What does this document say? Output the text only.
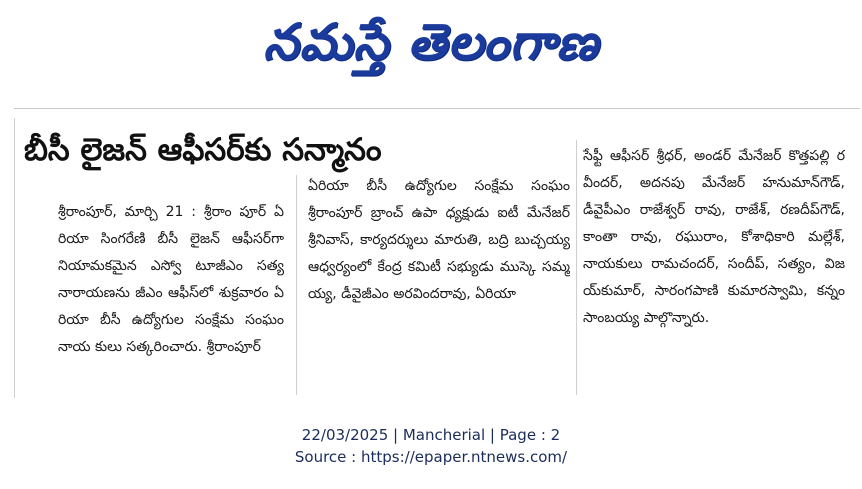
నమస్తే తెలంగాణ
బీసీ లైజన్ ఆఫీసర్‌కు సన్మానం
శ్రీరాంపూర్, మార్చి 21 : శ్రీరాం పూర్ ఏరియా సింగరేణి బీసీ లైజన్ ఆఫీసర్‌గా నియామకమైన ఎస్వో టూజీఎం సత్యనారాయణను జీఎం ఆఫీస్‌లో శుక్రవారం ఏరియా బీసీ ఉద్యోగుల సంక్షేమ సంఘం నాయ కులు సత్కరించారు. శ్రీరాంపూర్
ఏరియా బీసీ ఉద్యోగుల సంక్షేమ సంఘం శ్రీరాంపూర్ బ్రాంచ్ ఉపా ధ్యక్షుడు ఐటీ మేనేజర్ శ్రీనివాస్, కార్యదర్శులు మారుతి, బద్రి బుచ్చయ్య ఆధ్వర్యంలో కేంద్ర కమిటీ సభ్యుడు ముస్కె సమ్మయ్య, డీవైజీఎం అరవిందరావు, ఏరియా
సేఫ్టీ ఆఫీసర్ శ్రీధర్, అండర్ మేనేజర్ కొత్తపల్లి రవీందర్, అదనపు మేనేజర్ హనుమాన్‌గౌడ్, డీవైపీఎం రాజేశ్వర్ రావు, రాజేశ్, రణదీప్‌గౌడ్, కాంతా రావు, రఘురాం, కోశాధికారి మల్లేశ్, నాయకులు రామచందర్, సందీప్, సత్యం, విజయ్‌కుమార్, సారంగపాణి కుమారస్వామి, కన్నం సాంబయ్య పాల్గొన్నారు.
22/03/2025 | Mancherial | Page : 2
Source : https://epaper.ntnews.com/
